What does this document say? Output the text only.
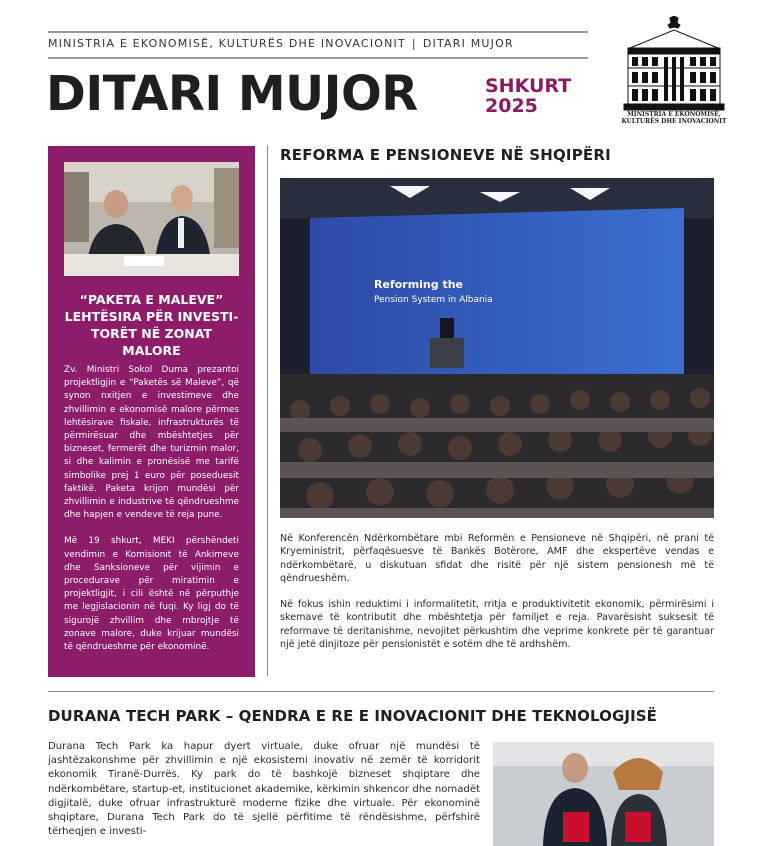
MINISTRIA E EKONOMISË, KULTURËS DHE INOVACIONIT | DITARI MUJOR
DITARI MUJOR	SHKURT
2025	REPUBLIKA E SHQIPËRISË
MINISTRIA E EKONOMISË,
KULTURËS DHE INOVACIONIT
“PAKETA E MALEVE” LEHTËSIRA PËR INVESTI-TORËT NË ZONAT MALORE

Zv. Ministri Sokol Duma prezantoi projektligjin e “Paketës së Maleve”, që synon nxitjen e investimeve dhe zhvillimin e ekonomisë malore përmes lehtësirave fiskale, infrastrukturës të përmirësuar dhe mbështetjes për bizneset, fermerët dhe turizmin malor, si dhe kalimin e pronësisë me tarifë simbolike prej 1 euro për poseduesit faktikë. Paketa krijon mundësi për zhvillimin e industrive të qëndrueshme dhe hapjen e vendeve të reja pune.

Më 19 shkurt, MEKI përshëndeti vendimin e Komisionit të Ankimeve dhe Sanksioneve për vijimin e procedurave për miratimin e projektligjit, i cili është në përputhje me legjislacionin në fuqi. Ky ligj do të sigurojë zhvillim dhe mbrojtje të zonave malore, duke krijuar mundësi të qëndrueshme për ekonominë.

REFORMA E PENSIONEVE NË SHQIPËRI
Reforming the
Pension System in Albania

Në Konferencën Ndërkombëtare mbi Reformën e Pensioneve në Shqipëri, në prani të Kryeministrit, përfaqësuesve të Bankës Botërore, AMF dhe ekspertëve vendas e ndërkombëtarë, u diskutuan sfidat dhe risitë për një sistem pensionesh më të qëndrueshëm.

Në fokus ishin reduktimi i informalitetit, rritja e produktivitetit ekonomik, përmirësimi i skemave të kontributit dhe mbështetja për familjet e reja. Pavarësisht suksesit të reformave të deritanishme, nevojitet përkushtim dhe veprime konkrete për të garantuar një jetë dinjitoze për pensionistët e sotëm dhe të ardhshëm.

DURANA TECH PARK – QENDRA E RE E INOVACIONIT DHE TEKNOLOGJISË
Durana Tech Park ka hapur dyert virtuale, duke ofruar një mundësi të jashtëzakonshme për zhvillimin e një ekosistemi inovativ në zemër të korridorit ekonomik Tiranë-Durrës. Ky park do të bashkojë bizneset shqiptare dhe ndërkombëtare, startup-et, institucionet akademike, kërkimin shkencor dhe nomadët digjitalë, duke ofruar infrastrukturë moderne fizike dhe virtuale. Për ekonominë shqiptare, Durana Tech Park do të sjellë përfitime të rëndësishme, përfshirë tërheqjen e investi-
